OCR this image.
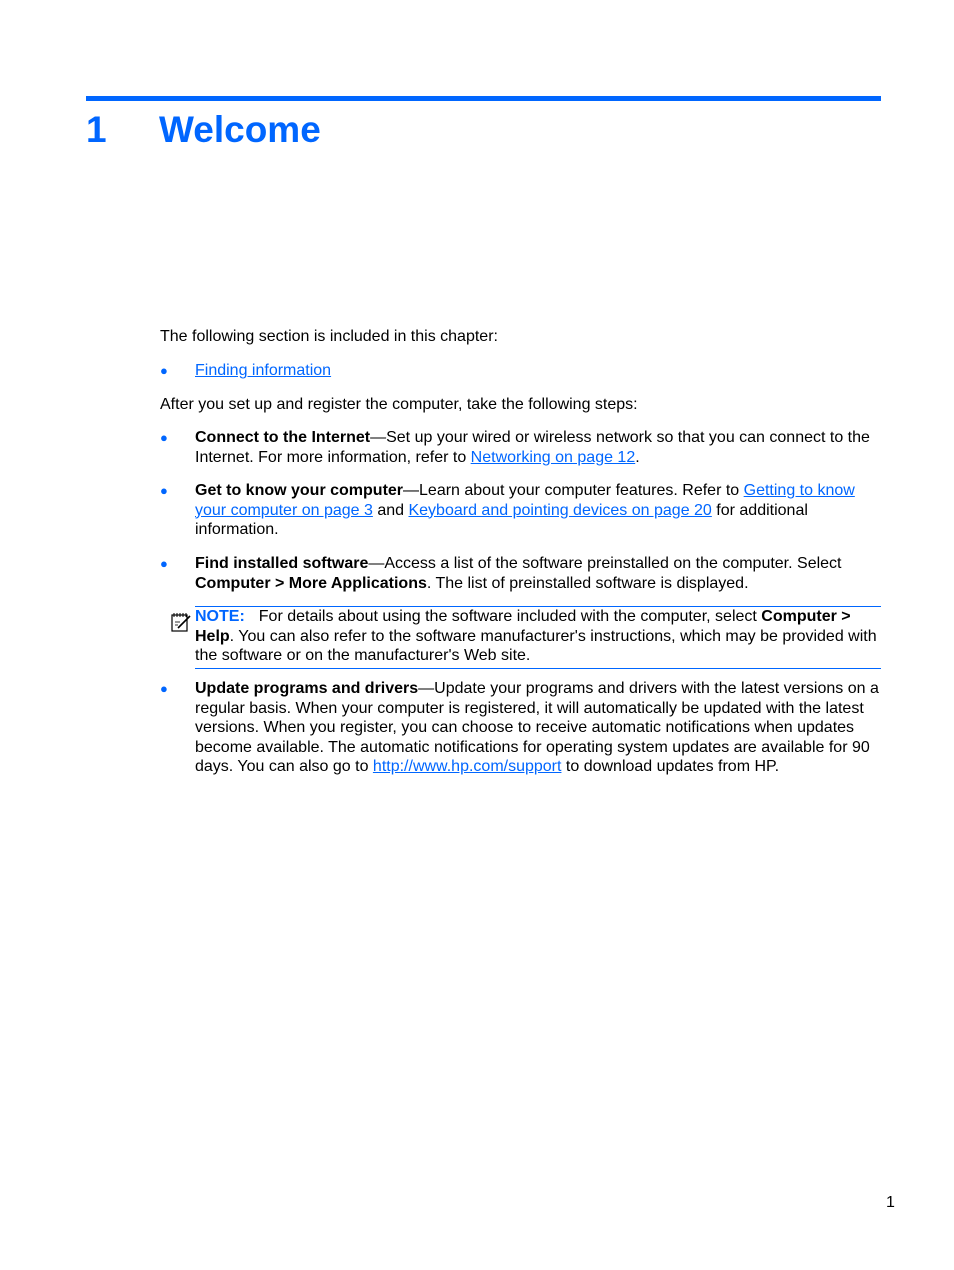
1 Welcome
The following section is included in this chapter:
● Finding information
After you set up and register the computer, take the following steps:
● Connect to the Internet—Set up your wired or wireless network so that you can connect to the Internet. For more information, refer to Networking on page 12.
● Get to know your computer—Learn about your computer features. Refer to Getting to know your computer on page 3 and Keyboard and pointing devices on page 20 for additional information.
● Find installed software—Access a list of the software preinstalled on the computer. Select Computer > More Applications. The list of preinstalled software is displayed.
NOTE: For details about using the software included with the computer, select Computer > Help. You can also refer to the software manufacturer's instructions, which may be provided with the software or on the manufacturer's Web site.
● Update programs and drivers—Update your programs and drivers with the latest versions on a regular basis. When your computer is registered, it will automatically be updated with the latest versions. When you register, you can choose to receive automatic notifications when updates become available. The automatic notifications for operating system updates are available for 90 days. You can also go to http://www.hp.com/support to download updates from HP.
1
